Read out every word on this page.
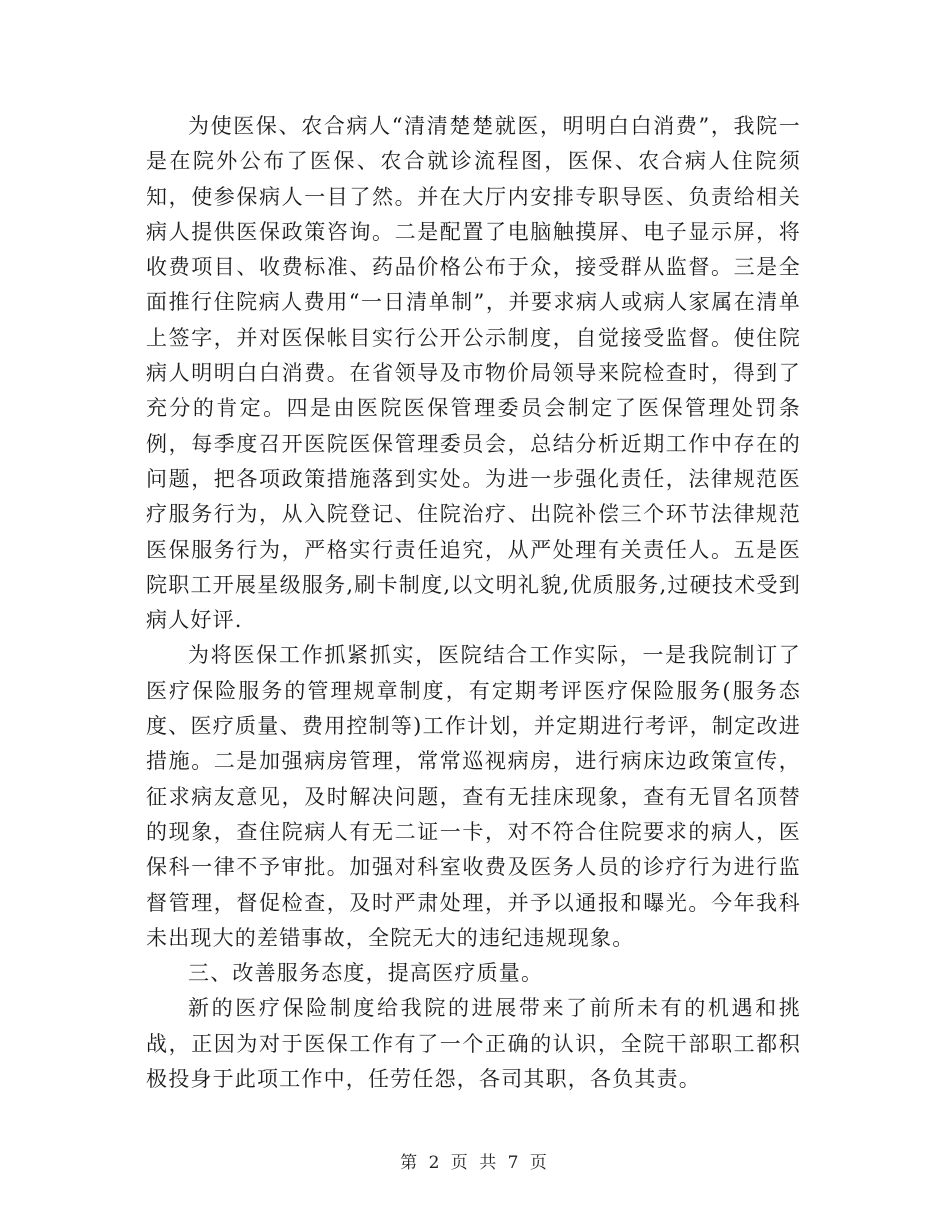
为使医保、农合病人“清清楚楚就医，明明白白消费”，我院一是在院外公布了医保、农合就诊流程图，医保、农合病人住院须知，使参保病人一目了然。并在大厅内安排专职导医、负责给相关病人提供医保政策咨询。二是配置了电脑触摸屏、电子显示屏，将收费项目、收费标准、药品价格公布于众，接受群从监督。三是全面推行住院病人费用“一日清单制”，并要求病人或病人家属在清单上签字，并对医保帐目实行公开公示制度，自觉接受监督。使住院病人明明白白消费。在省领导及市物价局领导来院检查时，得到了充分的肯定。四是由医院医保管理委员会制定了医保管理处罚条例，每季度召开医院医保管理委员会，总结分析近期工作中存在的问题，把各项政策措施落到实处。为进一步强化责任，法律规范医疗服务行为，从入院登记、住院治疗、出院补偿三个环节法律规范医保服务行为，严格实行责任追究，从严处理有关责任人。五是医院职工开展星级服务,刷卡制度,以文明礼貌,优质服务,过硬技术受到病人好评.

为将医保工作抓紧抓实，医院结合工作实际，一是我院制订了医疗保险服务的管理规章制度，有定期考评医疗保险服务(服务态度、医疗质量、费用控制等)工作计划，并定期进行考评，制定改进措施。二是加强病房管理，常常巡视病房，进行病床边政策宣传，征求病友意见，及时解决问题，查有无挂床现象，查有无冒名顶替的现象，查住院病人有无二证一卡，对不符合住院要求的病人，医保科一律不予审批。加强对科室收费及医务人员的诊疗行为进行监督管理，督促检查，及时严肃处理，并予以通报和曝光。今年我科未出现大的差错事故，全院无大的违纪违规现象。

三、改善服务态度，提高医疗质量。

新的医疗保险制度给我院的进展带来了前所未有的机遇和挑战，正因为对于医保工作有了一个正确的认识，全院干部职工都积极投身于此项工作中，任劳任怨，各司其职，各负其责。

第 2 页 共 7 页
